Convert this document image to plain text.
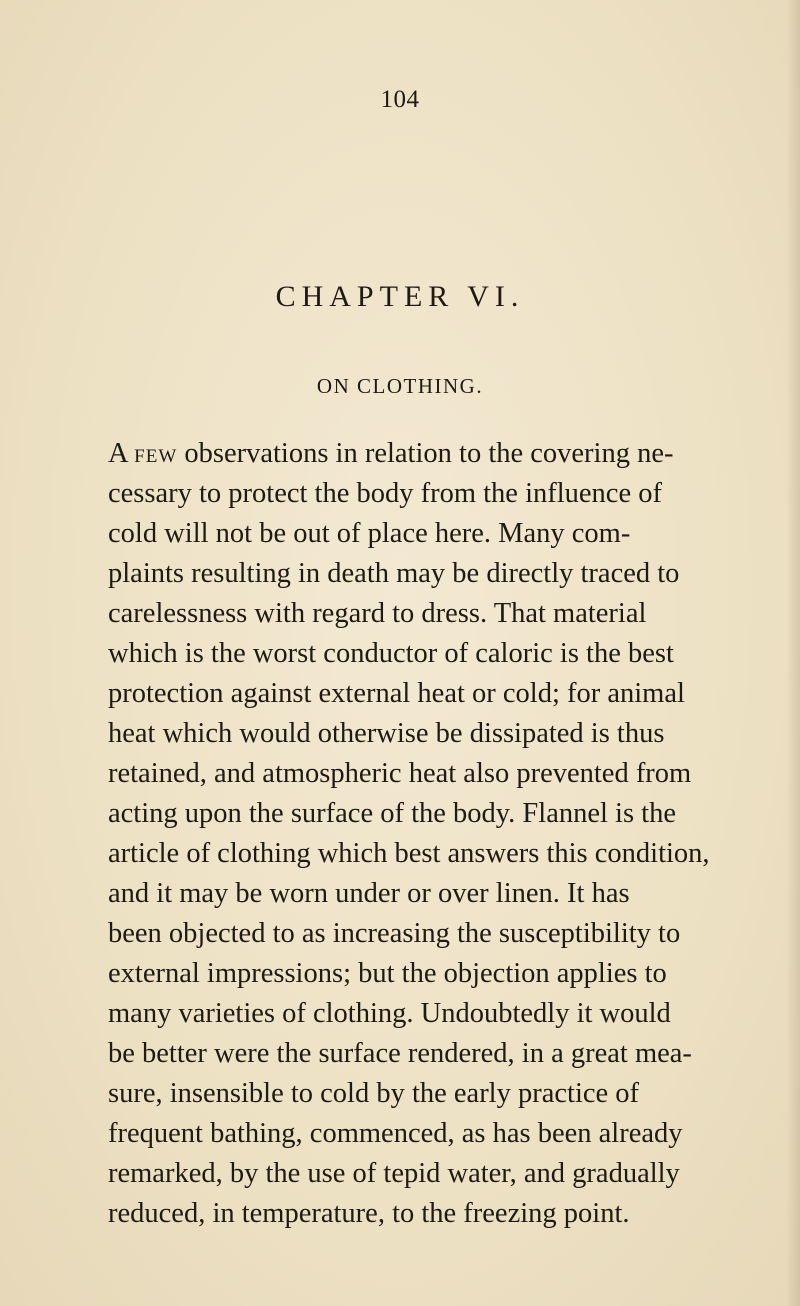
104
CHAPTER VI.
ON CLOTHING.
A FEW observations in relation to the covering ne-
cessary to protect the body from the influence of
cold will not be out of place here. Many com-
plaints resulting in death may be directly traced to
carelessness with regard to dress. That material
which is the worst conductor of caloric is the best
protection against external heat or cold; for animal
heat which would otherwise be dissipated is thus
retained, and atmospheric heat also prevented from
acting upon the surface of the body. Flannel is the
article of clothing which best answers this condition,
and it may be worn under or over linen. It has
been objected to as increasing the susceptibility to
external impressions; but the objection applies to
many varieties of clothing. Undoubtedly it would
be better were the surface rendered, in a great mea-
sure, insensible to cold by the early practice of
frequent bathing, commenced, as has been already
remarked, by the use of tepid water, and gradually
reduced, in temperature, to the freezing point.
